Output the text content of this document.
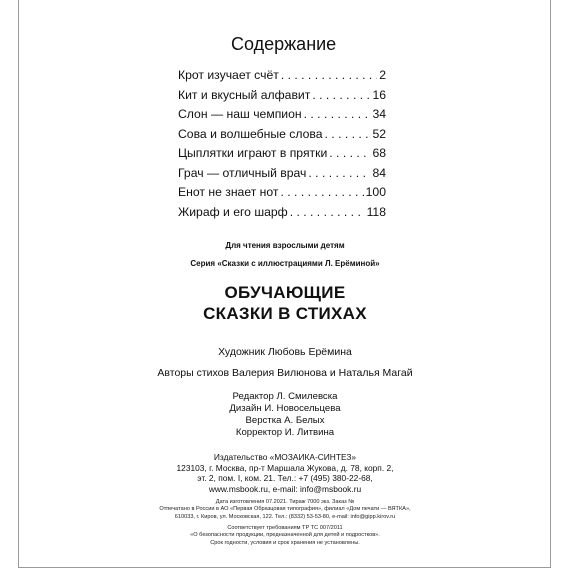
Содержание
Крот изучает счёт . . .	2
Кит и вкусный алфавит . . .	16
Слон — наш чемпион . . .	34
Сова и волшебные слова . . .	52
Цыплятки играют в прятки . . .	68
Грач — отличный врач . . .	84
Енот не знает нот . . .	100
Жираф и его шарф . . .	118
Для чтения взрослыми детям
Серия «Сказки с иллюстрациями Л. Ерёминой»
ОБУЧАЮЩИЕ
СКАЗКИ В СТИХАХ
Художник Любовь Ерёмина
Авторы стихов Валерия Вилюнова и Наталья Магай
Редактор Л. Смилевска
Дизайн И. Новосельцева
Верстка А. Белых
Корректор И. Литвина
Издательство «МОЗАИКА-СИНТЕЗ»
123103, г. Москва, пр-т Маршала Жукова, д. 78, корп. 2,
эт. 2, пом. I, ком. 21. Тел.: +7 (495) 380-22-68,
www.msbook.ru, e-mail: info@msbook.ru
Дата изготовления 07.2021. Тираж 7000 экз. Заказ №
Отпечатано в России в АО «Первая Образцовая типография», филиал «Дом печати — ВЯТКА»,
610033, г. Киров, ул. Московская, 122. Тел.: (8332) 53-53-80, e-mail: info@gipp.kirov.ru
Соответствует требованиям ТР ТС 007/2011
«О безопасности продукции, предназначенной для детей и подростков».
Срок годности, условия и срок хранения не установлены.
